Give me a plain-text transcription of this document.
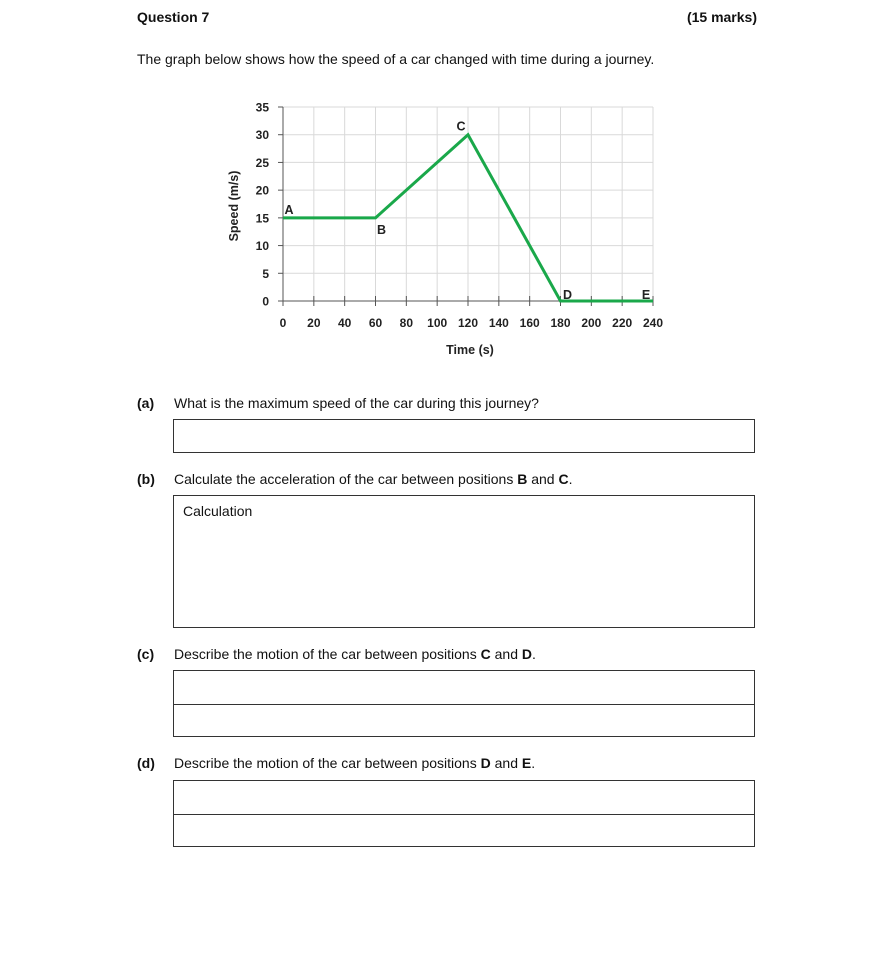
Question 7	(15 marks)
The graph below shows how the speed of a car changed with time during a journey.
0
5
10
15
20
25
30
35
0 20 40 60 80 100 120 140 160 180 200 220 240
Time (s)
Speed (m/s)	A
B
C
D	E
(a) What is the maximum speed of the car during this journey?
(b) Calculate the acceleration of the car between positions B and C.
Calculation
(c) Describe the motion of the car between positions C and D.
(d) Describe the motion of the car between positions D and E.
